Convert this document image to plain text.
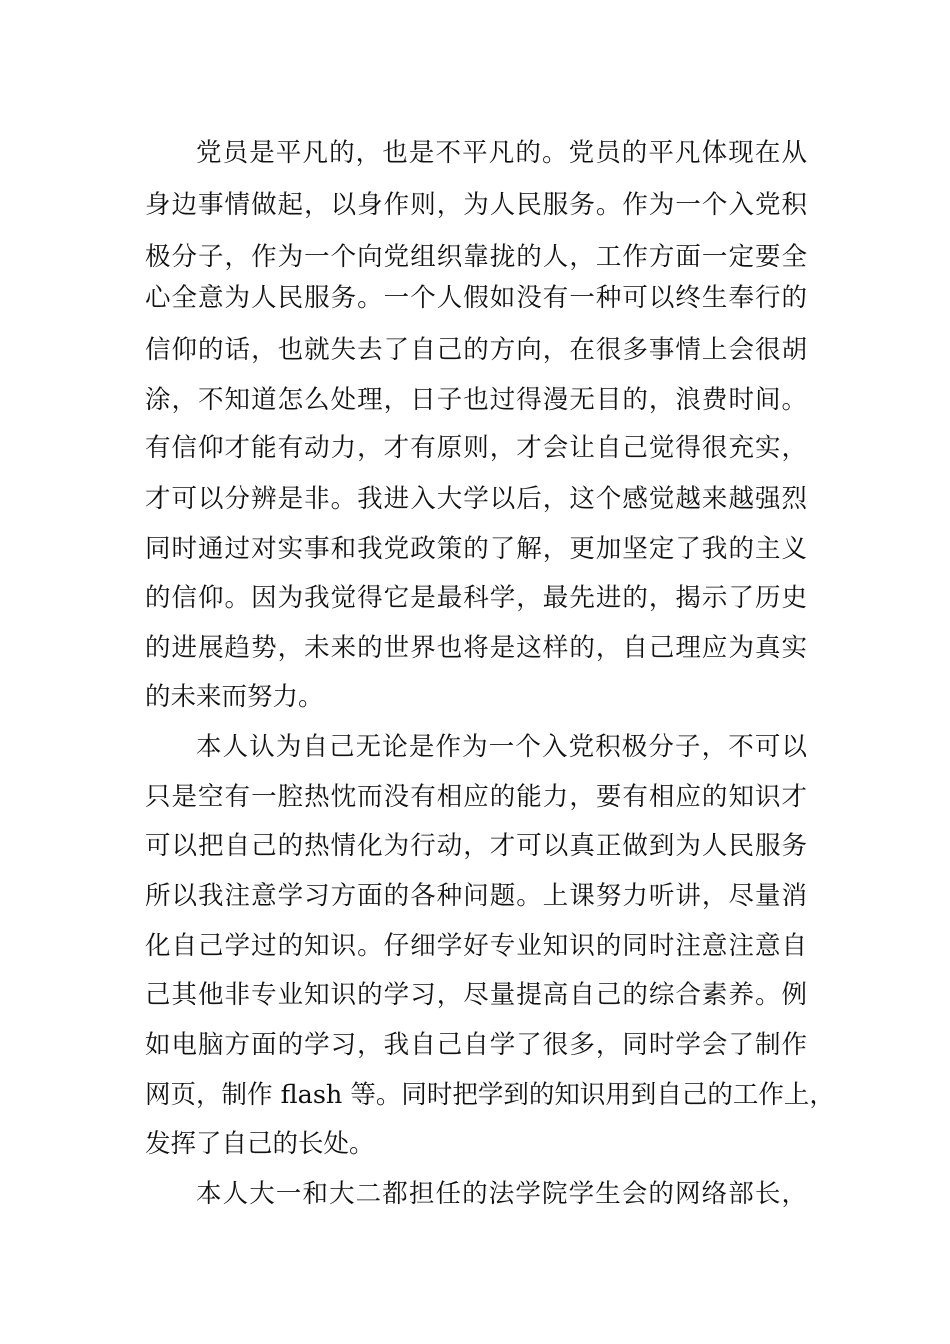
党员是平凡的，也是不平凡的。党员的平凡体现在从
身边事情做起，以身作则，为人民服务。作为一个入党积
极分子，作为一个向党组织靠拢的人，工作方面一定要全
心全意为人民服务。一个人假如没有一种可以终生奉行的
信仰的话，也就失去了自己的方向，在很多事情上会很胡
涂，不知道怎么处理，日子也过得漫无目的，浪费时间。
有信仰才能有动力，才有原则，才会让自己觉得很充实，
才可以分辨是非。我进入大学以后，这个感觉越来越强烈
同时通过对实事和我党政策的了解，更加坚定了我的主义
的信仰。因为我觉得它是最科学，最先进的，揭示了历史
的进展趋势，未来的世界也将是这样的，自己理应为真实
的未来而努力。
本人认为自己无论是作为一个入党积极分子，不可以
只是空有一腔热忱而没有相应的能力，要有相应的知识才
可以把自己的热情化为行动，才可以真正做到为人民服务
所以我注意学习方面的各种问题。上课努力听讲，尽量消
化自己学过的知识。仔细学好专业知识的同时注意注意自
己其他非专业知识的学习，尽量提高自己的综合素养。例
如电脑方面的学习，我自己自学了很多，同时学会了制作
网页，制作 flash 等。同时把学到的知识用到自己的工作上，
发挥了自己的长处。
本人大一和大二都担任的法学院学生会的网络部长，
